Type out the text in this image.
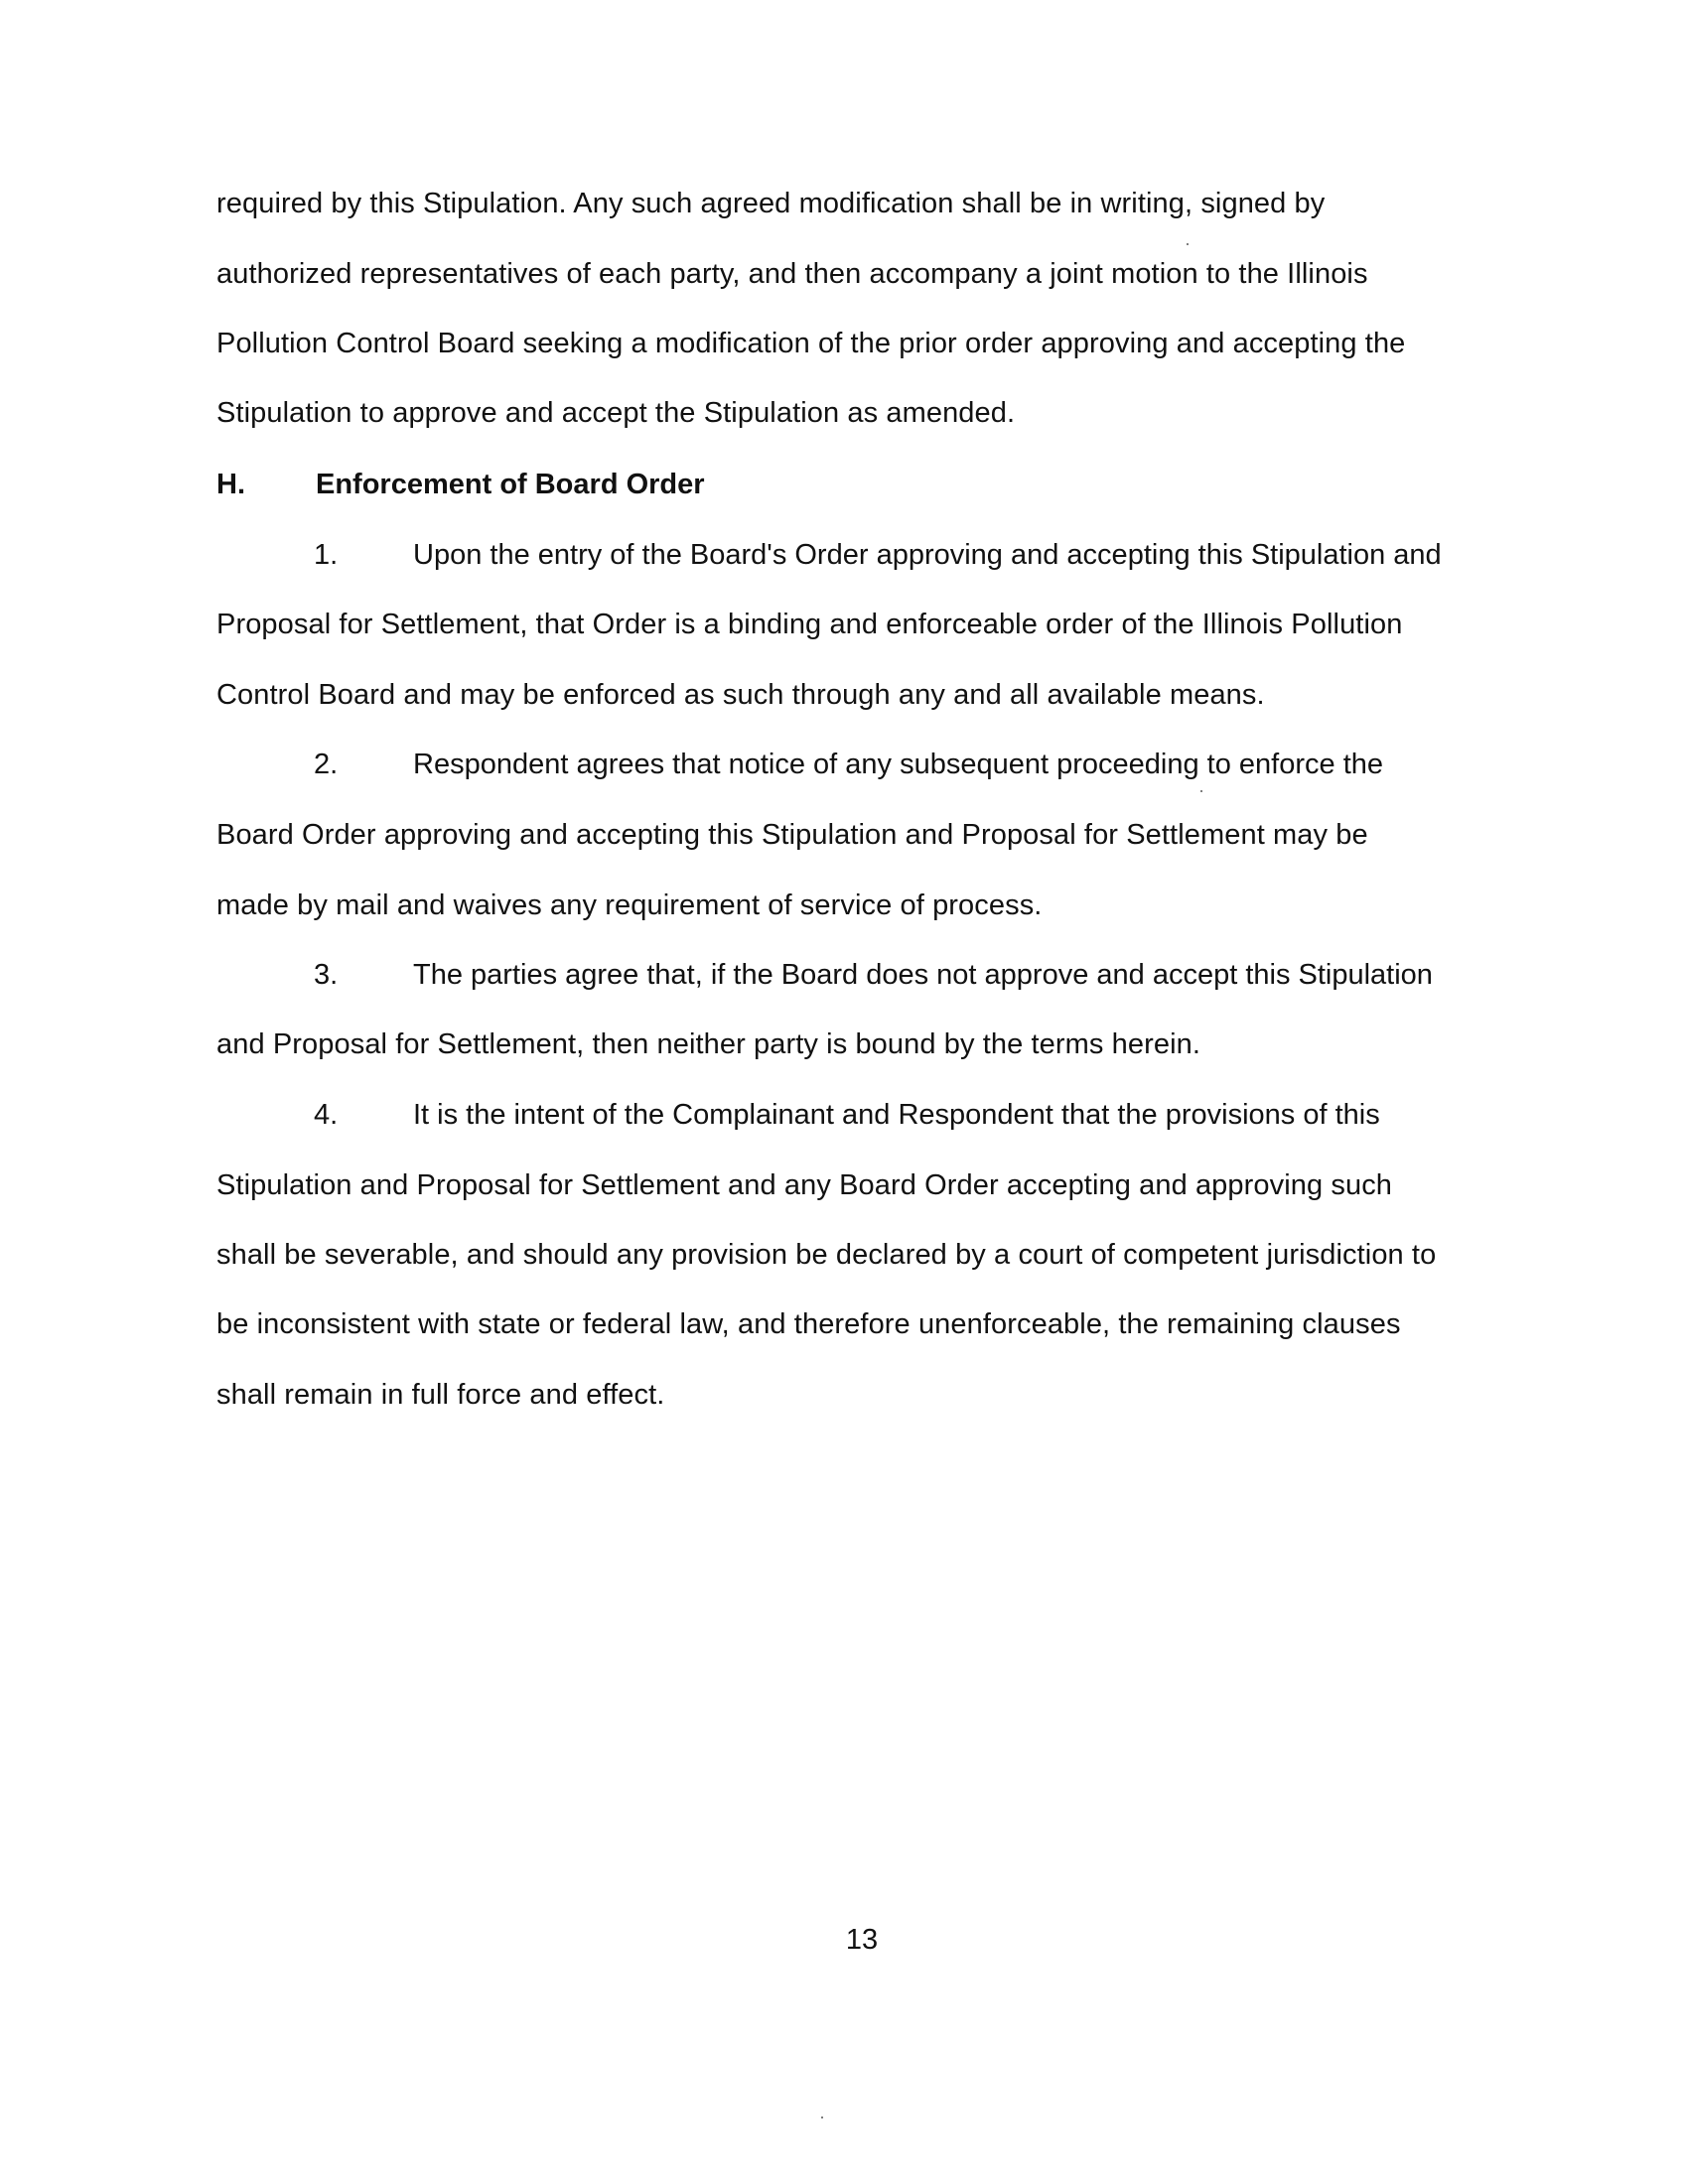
required by this Stipulation. Any such agreed modification shall be in writing, signed by
authorized representatives of each party, and then accompany a joint motion to the Illinois
Pollution Control Board seeking a modification of the prior order approving and accepting the
Stipulation to approve and accept the Stipulation as amended.
H. Enforcement of Board Order
1.	Upon the entry of the Board's Order approving and accepting this Stipulation and
Proposal for Settlement, that Order is a binding and enforceable order of the Illinois Pollution
Control Board and may be enforced as such through any and all available means.
2.	Respondent agrees that notice of any subsequent proceeding to enforce the
Board Order approving and accepting this Stipulation and Proposal for Settlement may be
made by mail and waives any requirement of service of process.
3.	The parties agree that, if the Board does not approve and accept this Stipulation
and Proposal for Settlement, then neither party is bound by the terms herein.
4.	It is the intent of the Complainant and Respondent that the provisions of this
Stipulation and Proposal for Settlement and any Board Order accepting and approving such
shall be severable, and should any provision be declared by a court of competent jurisdiction to
be inconsistent with state or federal law, and therefore unenforceable, the remaining clauses
shall remain in full force and effect.
13
